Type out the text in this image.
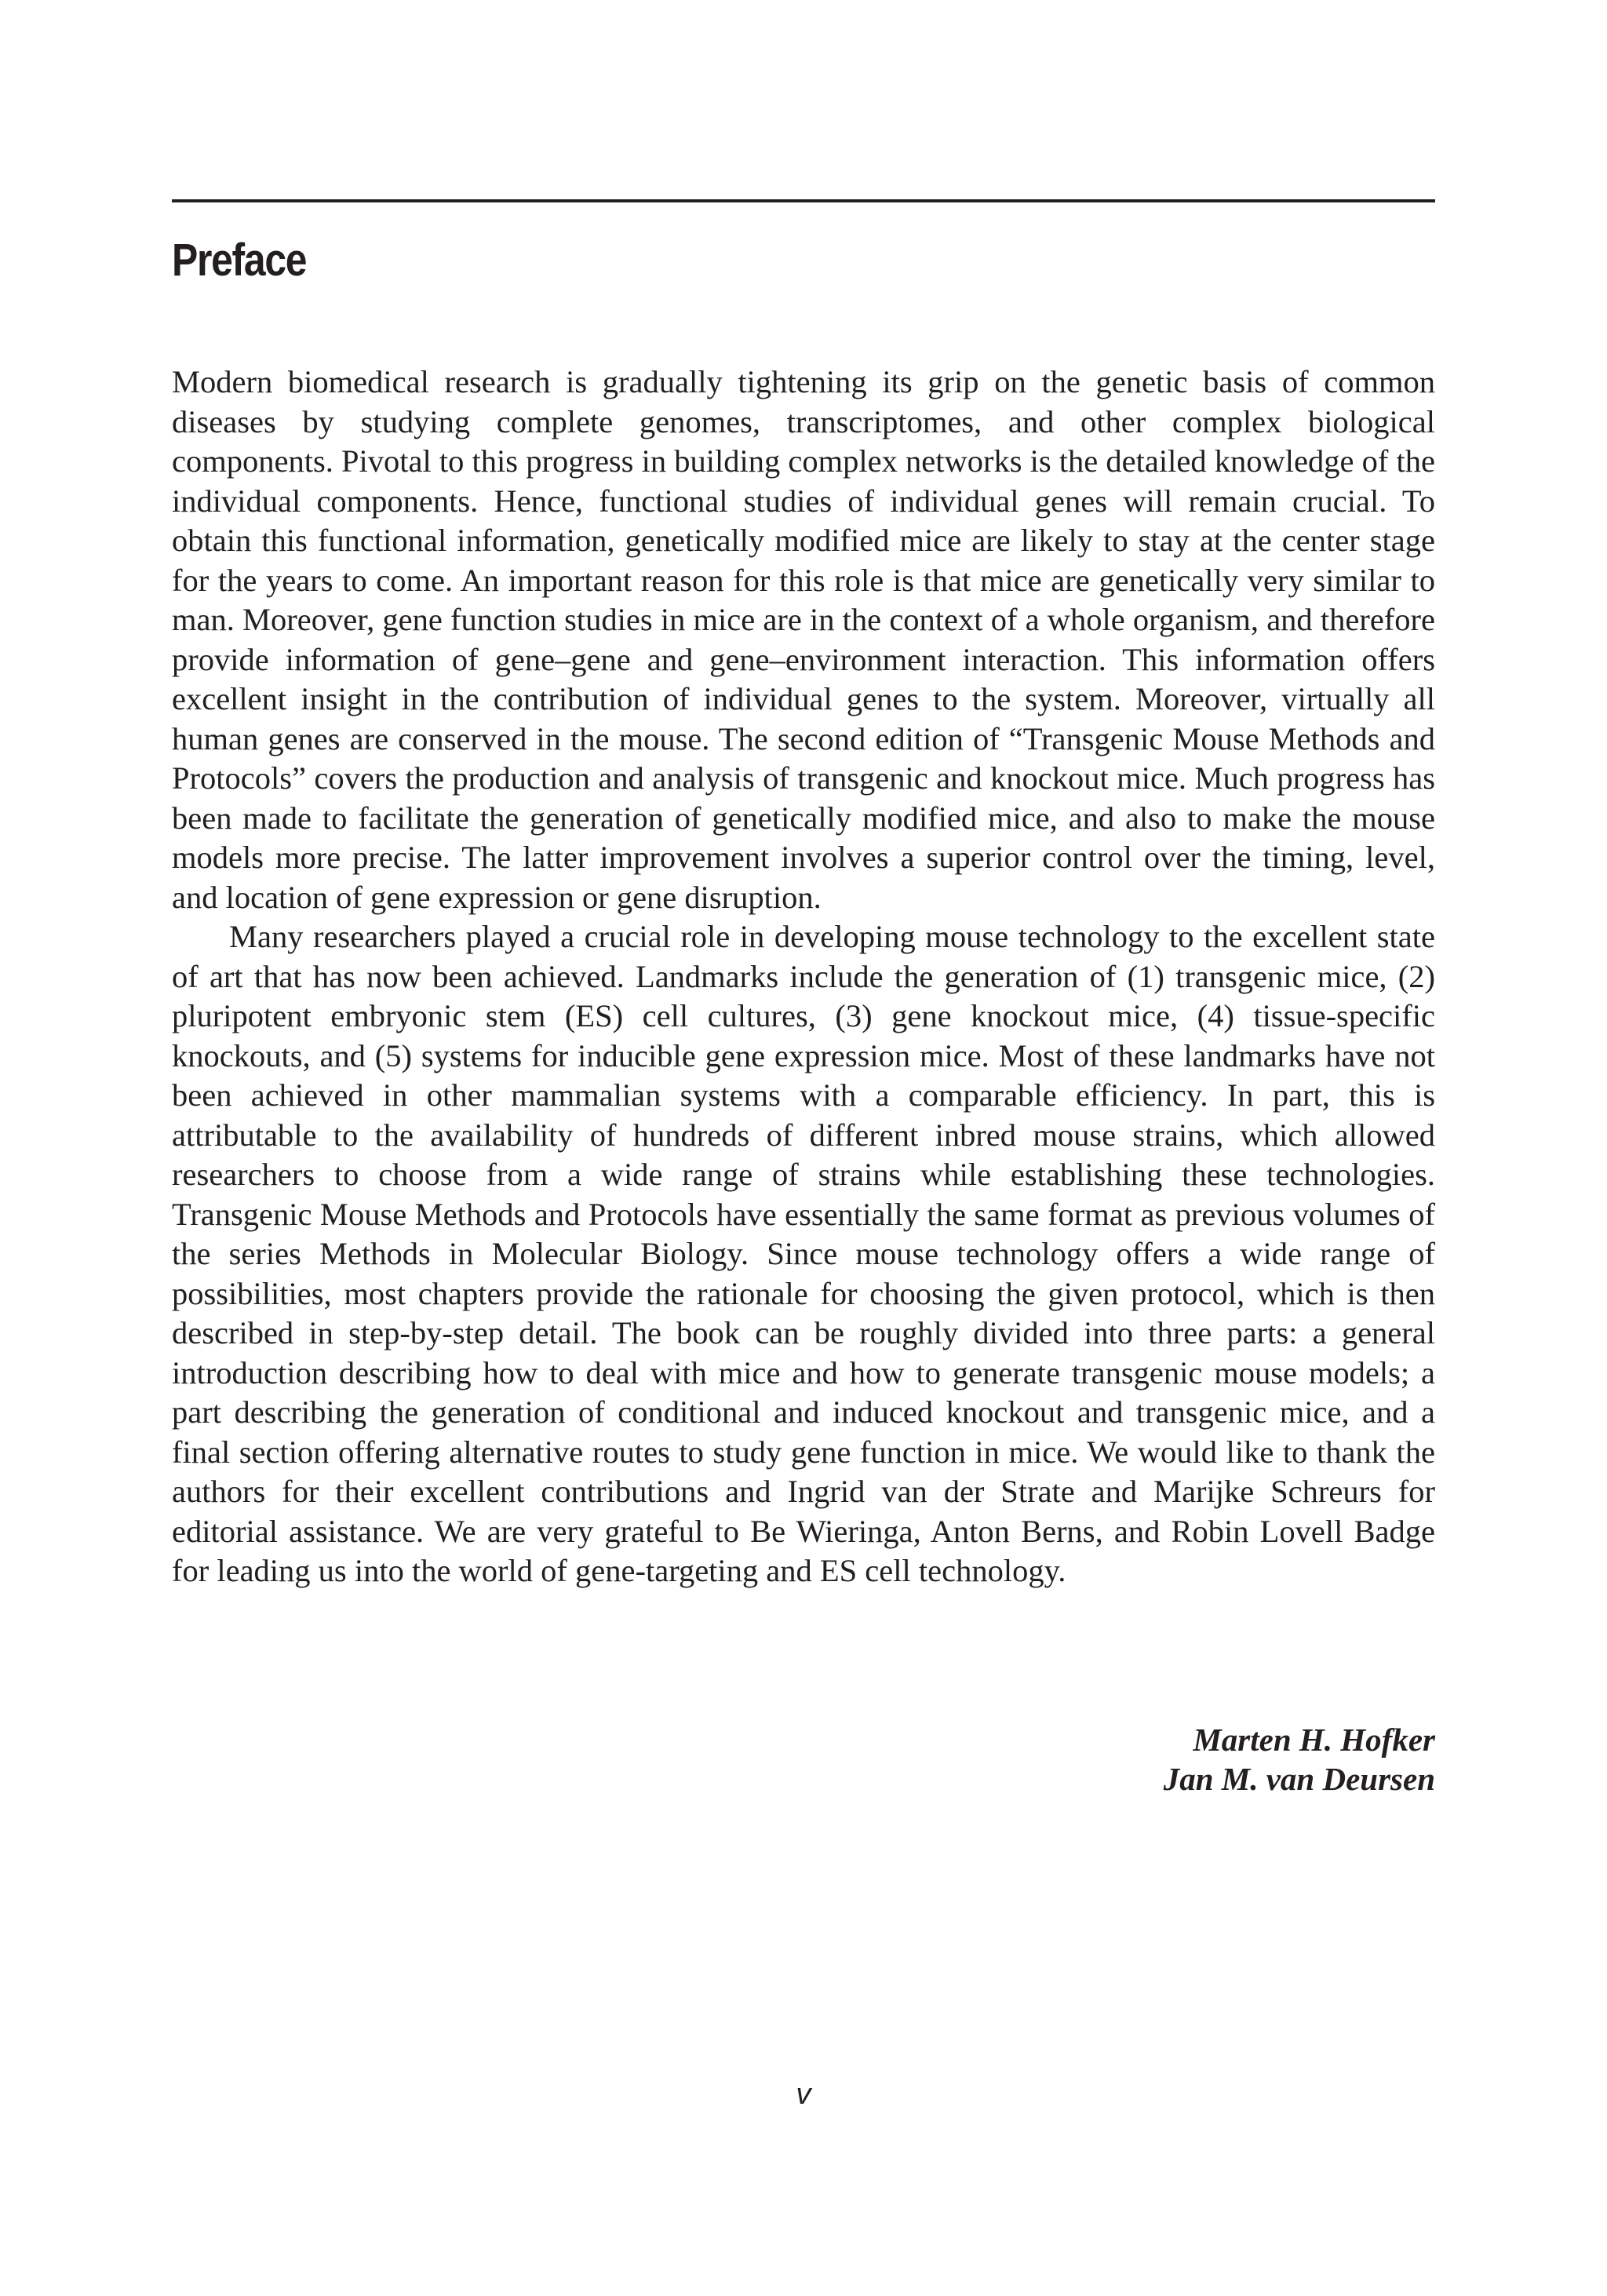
Preface

Modern biomedical research is gradually tightening its grip on the genetic basis of common diseases by studying complete genomes, transcriptomes, and other complex biological components. Pivotal to this progress in building complex networks is the detailed knowledge of the individual components. Hence, functional studies of individual genes will remain crucial. To obtain this functional information, genetically modified mice are likely to stay at the center stage for the years to come. An important reason for this role is that mice are genetically very similar to man. Moreover, gene function studies in mice are in the context of a whole organism, and therefore provide information of gene–gene and gene–environment interaction. This information offers excellent insight in the contribution of individual genes to the system. Moreover, virtually all human genes are conserved in the mouse. The second edition of “Transgenic Mouse Methods and Protocols” covers the production and analysis of transgenic and knockout mice. Much progress has been made to facilitate the generation of genetically modified mice, and also to make the mouse models more precise. The latter improvement involves a superior control over the timing, level, and location of gene expression or gene disruption.

Many researchers played a crucial role in developing mouse technology to the excellent state of art that has now been achieved. Landmarks include the generation of (1) transgenic mice, (2) pluripotent embryonic stem (ES) cell cultures, (3) gene knockout mice, (4) tissue-specific knockouts, and (5) systems for inducible gene expression mice. Most of these landmarks have not been achieved in other mammalian systems with a comparable efficiency. In part, this is attributable to the availability of hundreds of different inbred mouse strains, which allowed researchers to choose from a wide range of strains while establishing these technologies. Transgenic Mouse Methods and Protocols have essentially the same format as previous volumes of the series Methods in Molecular Biology. Since mouse technology offers a wide range of possibilities, most chapters provide the rationale for choosing the given protocol, which is then described in step-by-step detail. The book can be roughly divided into three parts: a general introduction describing how to deal with mice and how to generate transgenic mouse models; a part describing the generation of conditional and induced knockout and transgenic mice, and a final section offering alternative routes to study gene function in mice. We would like to thank the authors for their excellent contributions and Ingrid van der Strate and Marijke Schreurs for editorial assistance. We are very grateful to Be Wieringa, Anton Berns, and Robin Lovell Badge for leading us into the world of gene-targeting and ES cell technology.

Marten H. Hofker
Jan M. van Deursen
v
